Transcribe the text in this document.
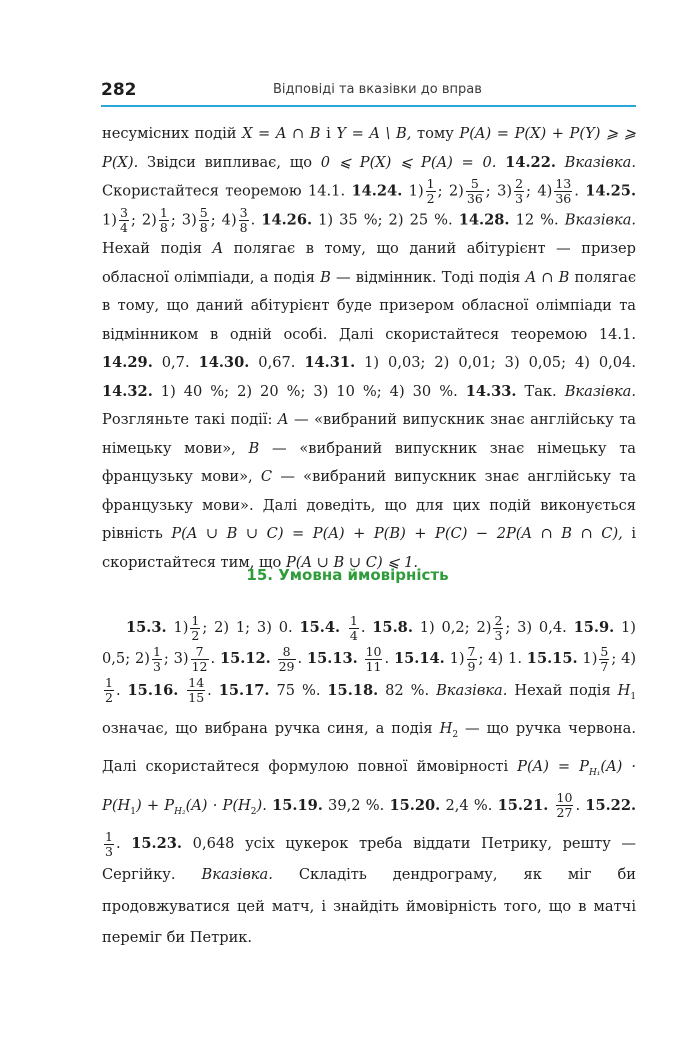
282	Відповіді та вказівки до вправ
несумісних подій X = A ∩ B і Y = A \ B, тому P(A) = P(X) + P(Y) ⩾ ⩾ P(X). Звідси випливає, що 0 ⩽ P(X) ⩽ P(A) = 0. 14.22. Вказівка. Скористайтеся теоремою 14.1. 14.24. $1) \frac{1}{2}$ ; $2) \frac{5}{36}$ ; $3) \frac{2}{3}$ ; $4) \frac{13}{36}$ . 14.25. $1) \frac{3}{4}$ ; $2) \frac{1}{8}$ ; $3) \frac{5}{8}$ ; $4) \frac{3}{8}$ . 14.26. 1) 35 %; 2) 25 %. 14.28. 12 %. Вказівка. Нехай подія A полягає в тому, що даний абітурієнт — призер обласної олімпіади, а подія B — відмінник. Тоді подія A ∩ B полягає в тому, що даний абітурієнт буде призером обласної олімпіади та відмінником в одній особі. Далі скористайтеся теоремою 14.1. 14.29. 0,7. 14.30. 0,67. 14.31. 1) 0,03; 2) 0,01; 3) 0,05; 4) 0,04. 14.32. 1) 40 %; 2) 20 %; 3) 10 %; 4) 30 %. 14.33. Так. Вказівка. Розгляньте такі події: A — «вибраний випускник знає англійську та німецьку мови», B — «вибраний випускник знає німецьку та французьку мови», C — «вибраний випускник знає англійську та французьку мови». Далі доведіть, що для цих подій виконується рівність P(A ∪ B ∪ C) = P(A) + P(B) + P(C) − 2P(A ∩ B ∩ C), і скористайтеся тим, що P(A ∪ B ∪ C) ⩽ 1.
15. Умовна ймовірність
15.3. $1) \frac{1}{2}$ ; 2) 1; 3) 0. 15.4. $\frac{1}{4}$ . 15.8. 1) 0,2; $2) \frac{2}{3}$ ; 3) 0,4. 15.9. 1) 0,5; $2) \frac{1}{3}$ ; $3) \frac{7}{12}$ . 15.12. $\frac{8}{29}$ . 15.13. $\frac{10}{11}$ . 15.14. $1) \frac{7}{9}$ ; 4) 1. 15.15. $1) \frac{5}{7}$ ; 4)
$\frac{1}{2}$ . 15.16. $\frac{14}{15}$ . 15.17. 75 %. 15.18. 82 %. Вказівка. Нехай подія $H_1$ означає, що вибрана ручка синя, а подія $H_2$ — що ручка червона. Далі скористайтеся формулою повної ймовірності $P(A) = P_{H_1}(A) \cdot P(H_1) + P_{H_2}(A) \cdot P(H_2)$. 15.19. 39,2 %. 15.20. 2,4 %. 15.21. $\frac{10}{27}$ . 15.22.
$\frac{1}{3}$ . 15.23. 0,648 усіх цукерок треба віддати Петрику, решту — Сергійку. Вказівка. Складіть дендрограму, як міг би продовжуватися цей матч, і знайдіть ймовірність того, що в матчі переміг би Петрик.
